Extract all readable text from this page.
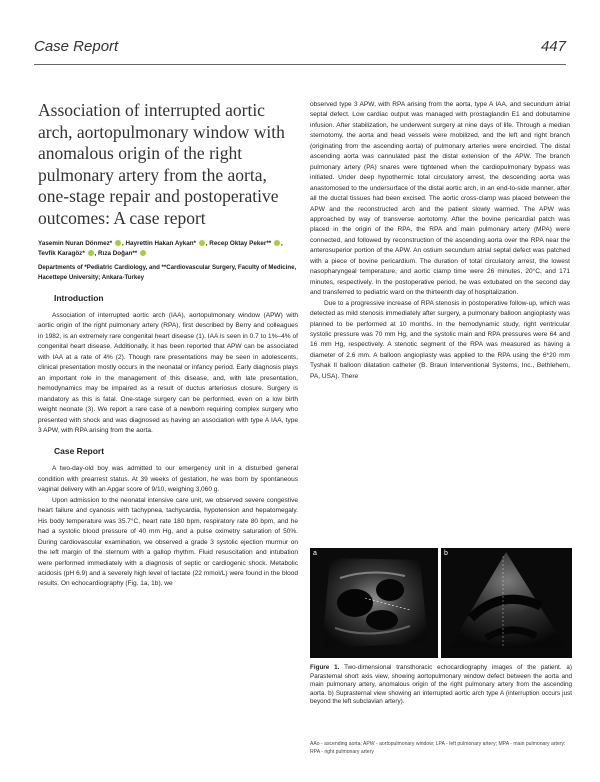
Case Report	447
Association of interrupted aortic arch, aortopulmonary window with anomalous origin of the right pulmonary artery from the aorta, one-stage repair and postoperative outcomes: A case report
Yasemin Nuran Dönmez* , Hayrettin Hakan Aykan* , Recep Oktay Peker** , Tevfik Karagöz* , Rıza Doğan**
Departments of *Pediatric Cardiology, and **Cardiovascular Surgery, Faculty of Medicine, Hacettepe University; Ankara-Turkey
Introduction

Association of interrupted aortic arch (IAA), aortopulmonary window (APW) with aortic origin of the right pulmonary artery (RPA), first described by Berry and colleagues in 1982, is an extremely rare congenital heart disease (1). IAA is seen in 0.7 to 1%–4% of congenital heart disease. Additionally, it has been reported that APW can be associated with IAA at a rate of 4% (2). Though rare presentations may be seen in adolescents, clinical presentation mostly occurs in the neonatal or infancy period. Early diagnosis plays an important role in the management of this disease, and, with late presentation, hemodynamics may be impaired as a result of ductus arteriosus closure. Surgery is mandatory as this is fatal. One-stage surgery can be performed, even on a low birth weight neonate (3). We report a rare case of a newborn requiring complex surgery who presented with shock and was diagnosed as having an association with type A IAA, type 3 APW, with RPA arising from the aorta.

Case Report

A two-day-old boy was admitted to our emergency unit in a disturbed general condition with prearrest status. At 39 weeks of gestation, he was born by spontaneous vaginal delivery with an Apgar score of 9/10, weighing 3,060 g.

Upon admission to the neonatal intensive care unit, we observed severe congestive heart failure and cyanosis with tachypnea, tachycardia, hypotension and hepatomegaly. His body temperature was 35.7°C, heart rate 180 bpm, respiratory rate 80 bpm, and he had a systolic blood pressure of 40 mm Hg, and a pulse oximetry saturation of 50%. During cardiovascular examination, we observed a grade 3 systolic ejection murmur on the left margin of the sternum with a gallop rhythm. Fluid resuscitation and intubation were performed immediately with a diagnosis of septic or cardiogenic shock. Metabolic acidosis (pH 6.9) and a severely high level of lactate (22 mmol/L) were found in the blood results. On echocardiography (Fig. 1a, 1b), we

observed type 3 APW, with RPA arising from the aorta, type A IAA, and secundum atrial septal defect. Low cardiac output was managed with prostaglandin E1 and dobutamine infusion. After stabilization, he underwent surgery at nine days of life. Through a median sternotomy, the aorta and head vessels were mobilized, and the left and right branch (originating from the ascending aorta) of pulmonary arteries were encircled. The distal ascending aorta was cannulated past the distal extension of the APW. The branch pulmonary artery (PA) snares were tightened when the cardiopulmonary bypass was initiated. Under deep hypothermic total circulatory arrest, the descending aorta was anastomosed to the undersurface of the distal aortic arch, in an end-to-side manner, after all the ductal tissues had been excised. The aortic cross-clamp was placed between the APW and the reconstructed arch and the patient slowly warmed. The APW was approached by way of transverse aortotomy. After the bovine pericardial patch was placed in the origin of the RPA, the RPA and main pulmonary artery (MPA) were connected, and followed by reconstruction of the ascending aorta over the RPA near the anterosuperior portion of the APW. An ostium secundum atrial septal defect was patched with a piece of bovine pericardium. The duration of total circulatory arrest, the lowest nasopharyngeal temperature, and aortic clamp time were 26 minutes, 20°C, and 171 minutes, respectively. In the postoperative period, he was extubated on the second day and transferred to pediatric ward on the thirteenth day of hospitalization.

Due to a progressive increase of RPA stenosis in postoperative follow-up, which was detected as mild stenosis immediately after surgery, a pulmonary balloon angioplasty was planned to be performed at 10 months. In the hemodynamic study, right ventricular systolic pressure was 70 mm Hg, and the systolic main and RPA pressures were 64 and 16 mm Hg, respectively. A stenotic segment of the RPA was measured as having a diameter of 2.6 mm. A balloon angioplasty was applied to the RPA using the 6*20 mm Tyshak II balloon dilatation catheter (B. Braun Interventional Systems, Inc., Bethlehem, PA, USA). There

a	b
Figure 1. Two-dimensional transthoracic echocardiography images of the patient. a) Parasternal short axis view, showing aortopulmonary window defect between the aorta and main pulmonary artery, anomalous origin of the right pulmonary artery from the ascending aorta. b) Suprasternal view showing an interrupted aortic arch type A (interruption occurs just beyond the left subclavian artery).
AAo - ascending aorta; APW - aortopulmonary window; LPA - left pulmonary artery; MPA - main pulmonary artery; RPA - right pulmonary artery
